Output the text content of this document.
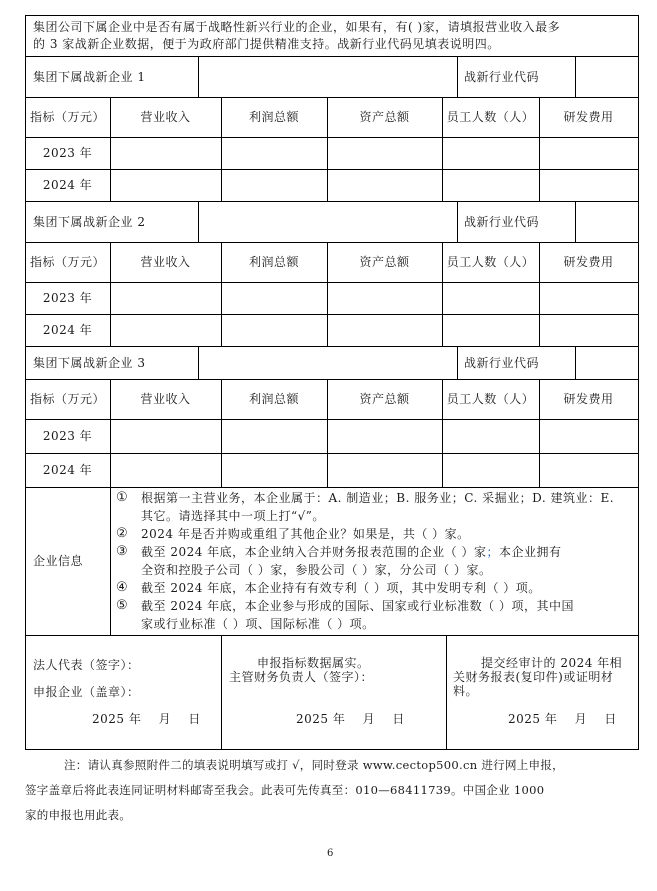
集团公司下属企业中是否有属于战略性新兴行业的企业，如果有，有( )家，请填报营业收入最多
的 3 家战新企业数据，便于为政府部门提供精准支持。战新行业代码见填表说明四。
集团下属战新企业 1	战新行业代码
指标（万元）	营业收入	利润总额	资产总额	员工人数（人）	研发费用
2023 年
2024 年
集团下属战新企业 2	战新行业代码
指标（万元）	营业收入	利润总额	资产总额	员工人数（人）	研发费用
2023 年
2024 年
集团下属战新企业 3	战新行业代码
指标（万元）	营业收入	利润总额	资产总额	员工人数（人）	研发费用
2023 年
2024 年
企业信息
① 根据第一主营业务，本企业属于：A. 制造业；B. 服务业；C. 采掘业；D. 建筑业：E.
其它。请选择其中一项上打“√”。
② 2024 年是否并购或重组了其他企业？如果是，共（ ）家。
③ 截至 2024 年底，本企业纳入合并财务报表范围的企业（ ）家；本企业拥有
全资和控股子公司（ ）家，参股公司（ ）家，分公司（ ）家。
④ 截至 2024 年底，本企业持有有效专利（ ）项，其中发明专利（ ）项。
⑤ 截至 2024 年底，本企业参与形成的国际、国家或行业标准数（ ）项，其中国
家或行业标准（ ）项、国际标准（ ）项。
法人代表（签字）：
申报企业（盖章）：
2025 年    月    日
申报指标数据属实。
主管财务负责人（签字）：
2025 年    月    日
提交经审计的 2024 年相
关财务报表(复印件)或证明材
料。
2025 年    月    日
注：请认真参照附件二的填表说明填写或打 √，同时登录 www.cectop500.cn 进行网上申报，
签字盖章后将此表连同证明材料邮寄至我会。此表可先传真至：010—68411739。中国企业 1000
家的申报也用此表。
6
